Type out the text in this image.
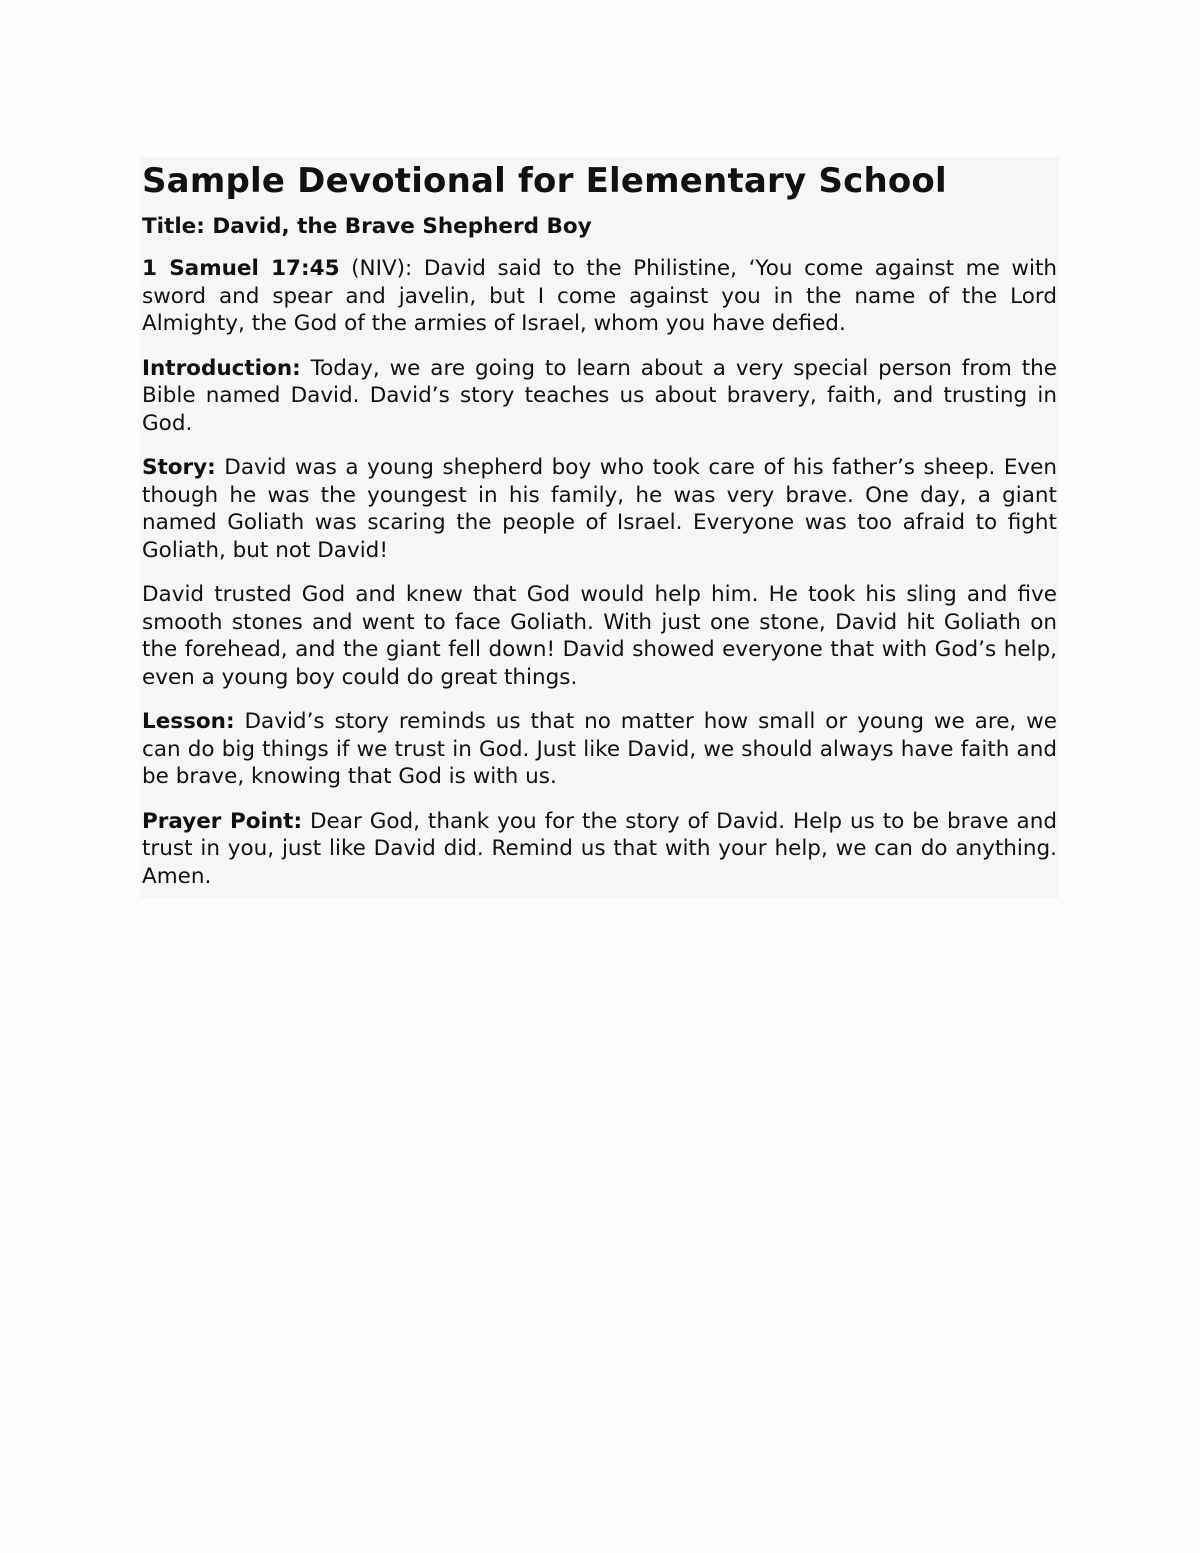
Sample Devotional for Elementary School
Title: David, the Brave Shepherd Boy

1 Samuel 17:45 (NIV): David said to the Philistine, ‘You come against me with sword and spear and javelin, but I come against you in the name of the Lord Almighty, the God of the armies of Israel, whom you have defied.

Introduction: Today, we are going to learn about a very special person from the Bible named David. David’s story teaches us about bravery, faith, and trusting in God.

Story: David was a young shepherd boy who took care of his father’s sheep. Even though he was the youngest in his family, he was very brave. One day, a giant named Goliath was scaring the people of Israel. Everyone was too afraid to fight Goliath, but not David!

David trusted God and knew that God would help him. He took his sling and five smooth stones and went to face Goliath. With just one stone, David hit Goliath on the forehead, and the giant fell down! David showed everyone that with God’s help, even a young boy could do great things.

Lesson: David’s story reminds us that no matter how small or young we are, we can do big things if we trust in God. Just like David, we should always have faith and be brave, knowing that God is with us.

Prayer Point: Dear God, thank you for the story of David. Help us to be brave and trust in you, just like David did. Remind us that with your help, we can do anything. Amen.
